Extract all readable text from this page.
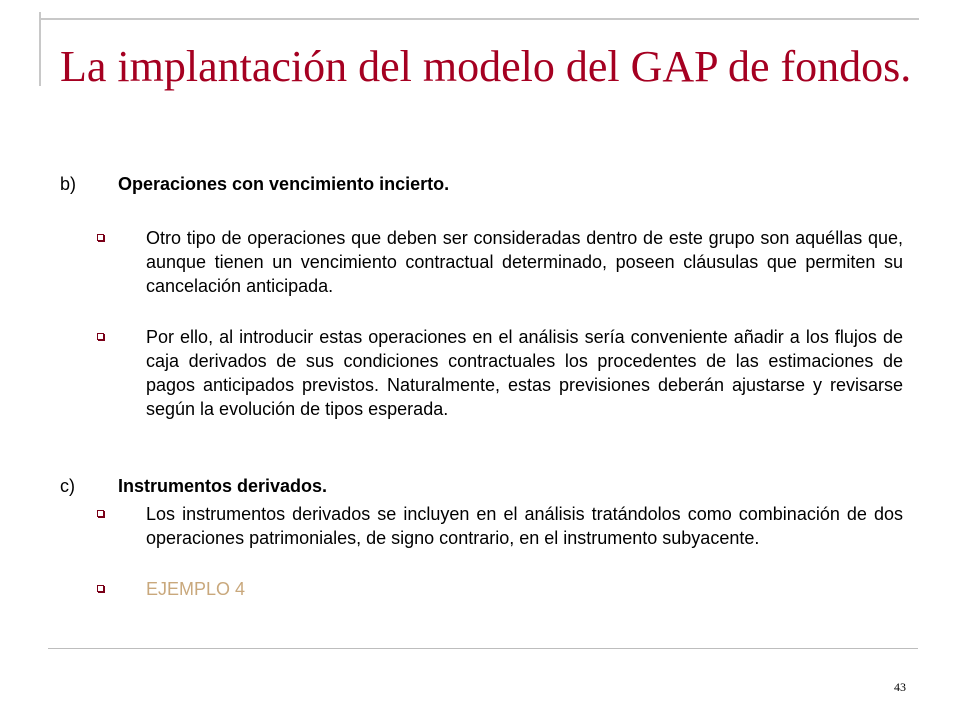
La implantación del modelo del GAP de fondos.
b) Operaciones con vencimiento incierto.
Otro tipo de operaciones que deben ser consideradas dentro de este grupo son aquéllas que, aunque tienen un vencimiento contractual determinado, poseen cláusulas que permiten su cancelación anticipada.
Por ello, al introducir estas operaciones en el análisis sería conveniente añadir a los flujos de caja derivados de sus condiciones contractuales los procedentes de las estimaciones de pagos anticipados previstos. Naturalmente, estas previsiones deberán ajustarse y revisarse según la evolución de tipos esperada.
c) Instrumentos derivados.
Los instrumentos derivados se incluyen en el análisis tratándolos como combinación de dos operaciones patrimoniales, de signo contrario, en el instrumento subyacente.
EJEMPLO 4
43
